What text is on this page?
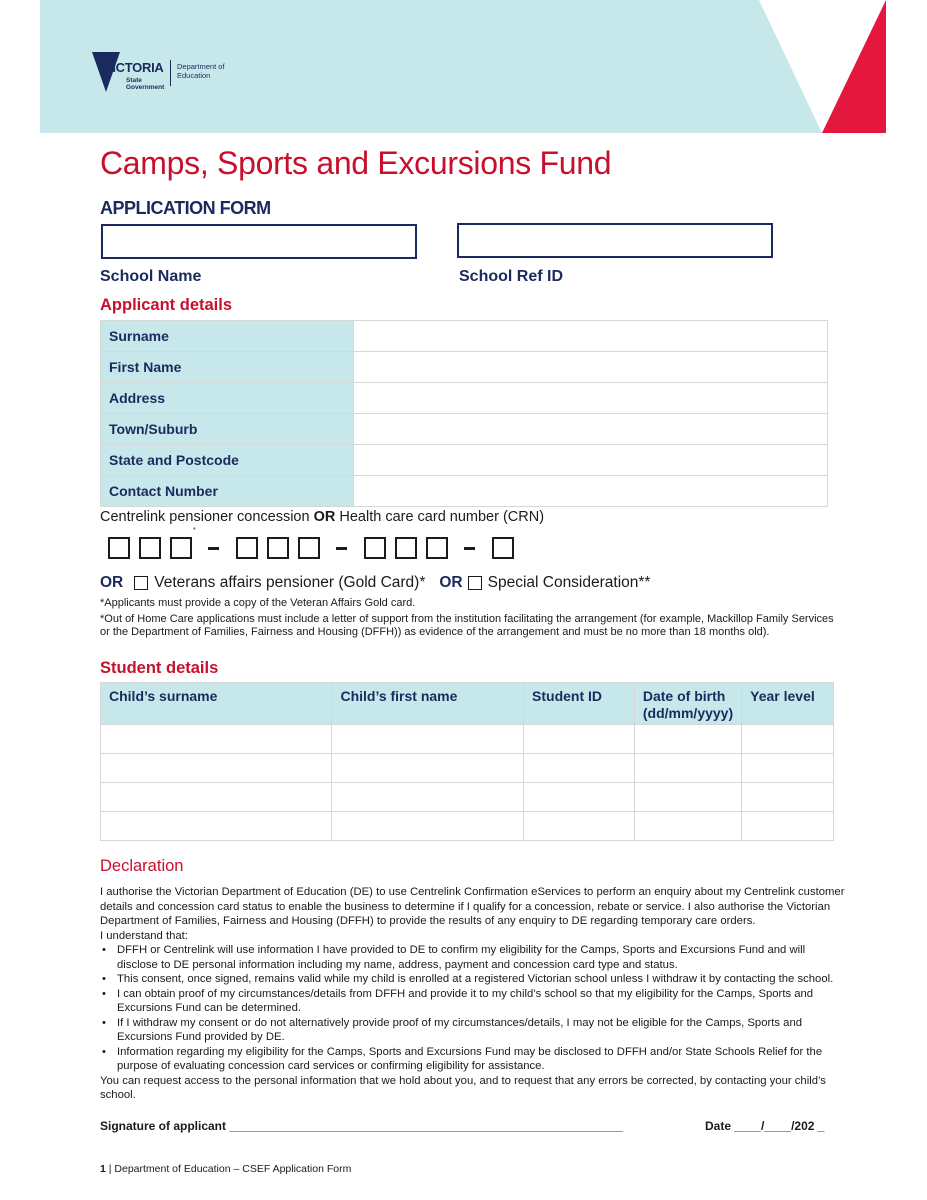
VICTORIA
State Government
Department of Education
Camps, Sports and Excursions Fund
APPLICATION FORM
School Name	School Ref ID
Applicant details
Surname	
First Name	
Address	
Town/Suburb	
State and Postcode	
Contact Number	
Centrelink pensioner concession OR Health care card number (CRN)
*
OR Veterans affairs pensioner (Gold Card)* OR Special Consideration**
*Applicants must provide a copy of the Veteran Affairs Gold card.
*Out of Home Care applications must include a letter of support from the institution facilitating the arrangement (for example, Mackillop Family Services or the Department of Families, Fairness and Housing (DFFH)) as evidence of the arrangement and must be no more than 18 months old).
Student details
Child’s surname	Child’s first name	Student ID	Date of birth (dd/mm/yyyy)	Year level

Declaration

I authorise the Victorian Department of Education (DE) to use Centrelink Confirmation eServices to perform an enquiry about my Centrelink customer details and concession card status to enable the business to determine if I qualify for a concession, rebate or service. I also authorise the Victorian Department of Families, Fairness and Housing (DFFH) to provide the results of any enquiry to DE regarding temporary care orders.

I understand that:

• DFFH or Centrelink will use information I have provided to DE to confirm my eligibility for the Camps, Sports and Excursions Fund and will disclose to DE personal information including my name, address, payment and concession card type and status.
• This consent, once signed, remains valid while my child is enrolled at a registered Victorian school unless I withdraw it by contacting the school.
• I can obtain proof of my circumstances/details from DFFH and provide it to my child’s school so that my eligibility for the Camps, Sports and Excursions Fund can be determined.
• If I withdraw my consent or do not alternatively provide proof of my circumstances/details, I may not be eligible for the Camps, Sports and Excursions Fund provided by DE.
• Information regarding my eligibility for the Camps, Sports and Excursions Fund may be disclosed to DFFH and/or State Schools Relief for the purpose of evaluating concession card services or confirming eligibility for assistance.

You can request access to the personal information that we hold about you, and to request that any errors be corrected, by contacting your child’s school.

Signature of applicant ___________________________________________________________	Date ____/____/202 _
1 | Department of Education – CSEF Application Form
